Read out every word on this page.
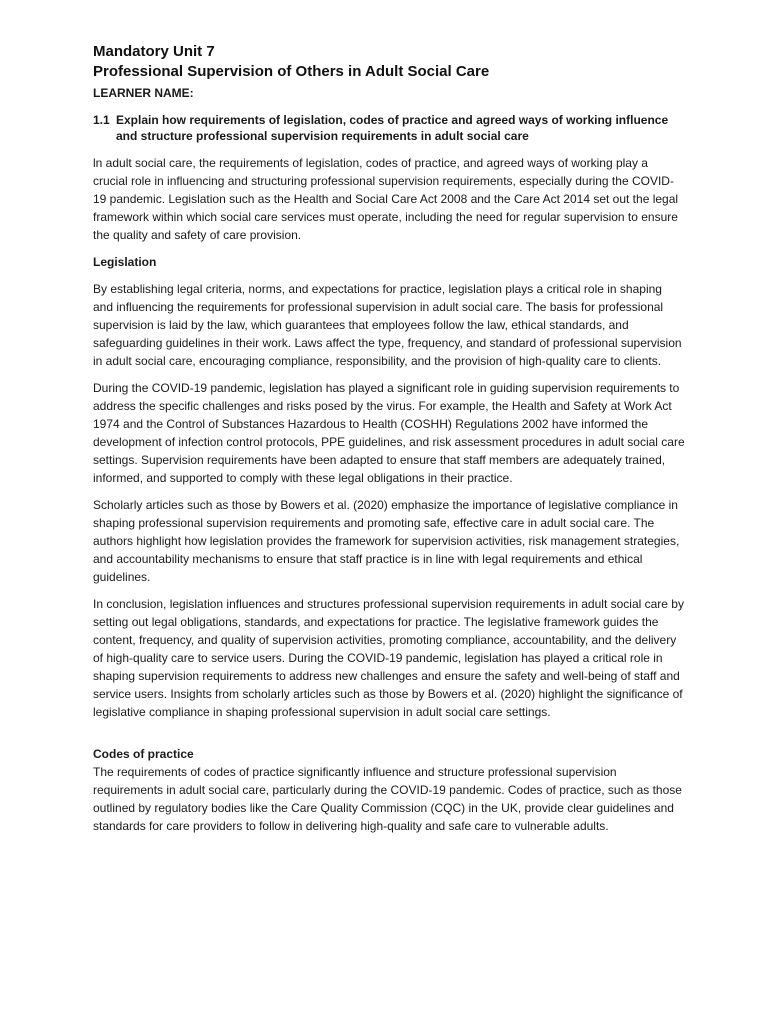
Mandatory Unit 7
Professional Supervision of Others in Adult Social Care
LEARNER NAME:
1.1 Explain how requirements of legislation, codes of practice and agreed ways of working influence and structure professional supervision requirements in adult social care

ln adult social care, the requirements of legislation, codes of practice, and agreed ways of working play a crucial role in influencing and structuring professional supervision requirements, especially during the COVID-19 pandemic. Legislation such as the Health and Social Care Act 2008 and the Care Act 2014 set out the legal framework within which social care services must operate, including the need for regular supervision to ensure the quality and safety of care provision.

Legislation

By establishing legal criteria, norms, and expectations for practice, legislation plays a critical role in shaping and influencing the requirements for professional supervision in adult social care. The basis for professional supervision is laid by the law, which guarantees that employees follow the law, ethical standards, and safeguarding guidelines in their work. Laws affect the type, frequency, and standard of professional supervision in adult social care, encouraging compliance, responsibility, and the provision of high-quality care to clients.

During the COVID-19 pandemic, legislation has played a significant role in guiding supervision requirements to address the specific challenges and risks posed by the virus. For example, the Health and Safety at Work Act 1974 and the Control of Substances Hazardous to Health (COSHH) Regulations 2002 have informed the development of infection control protocols, PPE guidelines, and risk assessment procedures in adult social care settings. Supervision requirements have been adapted to ensure that staff members are adequately trained, informed, and supported to comply with these legal obligations in their practice.

Scholarly articles such as those by Bowers et al. (2020) emphasize the importance of legislative compliance in shaping professional supervision requirements and promoting safe, effective care in adult social care. The authors highlight how legislation provides the framework for supervision activities, risk management strategies, and accountability mechanisms to ensure that staff practice is in line with legal requirements and ethical guidelines.

In conclusion, legislation influences and structures professional supervision requirements in adult social care by setting out legal obligations, standards, and expectations for practice. The legislative framework guides the content, frequency, and quality of supervision activities, promoting compliance, accountability, and the delivery of high-quality care to service users. During the COVID-19 pandemic, legislation has played a critical role in shaping supervision requirements to address new challenges and ensure the safety and well-being of staff and service users. Insights from scholarly articles such as those by Bowers et al. (2020) highlight the significance of legislative compliance in shaping professional supervision in adult social care settings.

Codes of practice

The requirements of codes of practice significantly influence and structure professional supervision requirements in adult social care, particularly during the COVID-19 pandemic. Codes of practice, such as those outlined by regulatory bodies like the Care Quality Commission (CQC) in the UK, provide clear guidelines and standards for care providers to follow in delivering high-quality and safe care to vulnerable adults.
